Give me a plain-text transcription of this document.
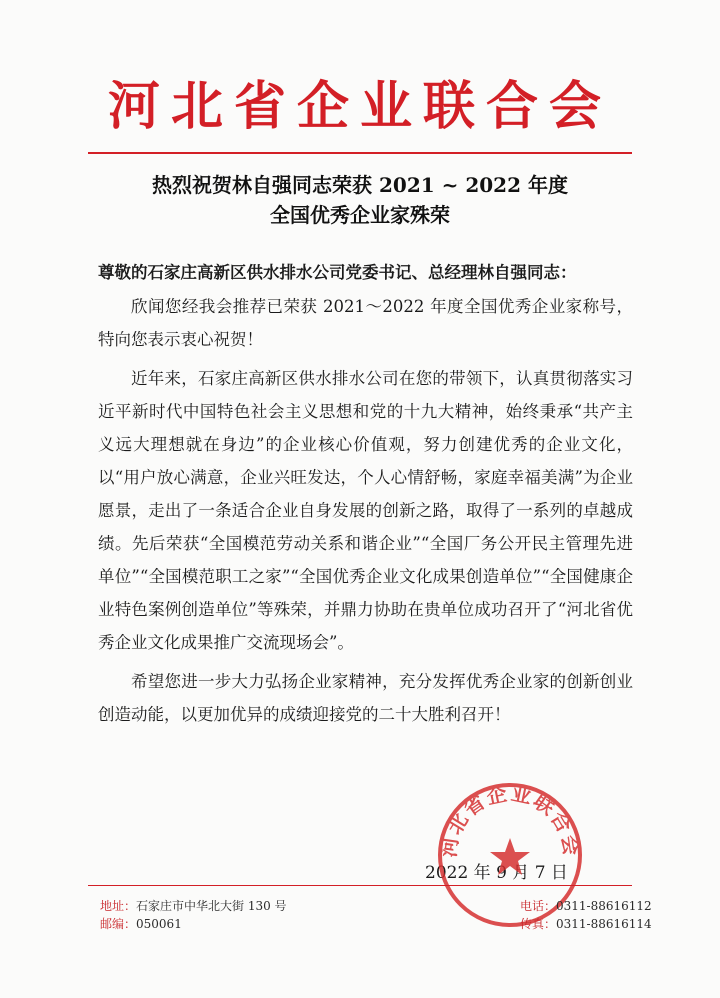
河北省企业联合会
热烈祝贺林自强同志荣获 2021 ~ 2022 年度
全国优秀企业家殊荣
尊敬的石家庄高新区供水排水公司党委书记、总经理林自强同志：

欣闻您经我会推荐已荣获 2021～2022 年度全国优秀企业家称号，特向您表示衷心祝贺！

近年来，石家庄高新区供水排水公司在您的带领下，认真贯彻落实习近平新时代中国特色社会主义思想和党的十九大精神，始终秉承“共产主义远大理想就在身边”的企业核心价值观，努力创建优秀的企业文化，以“用户放心满意，企业兴旺发达，个人心情舒畅，家庭幸福美满”为企业愿景，走出了一条适合企业自身发展的创新之路，取得了一系列的卓越成绩。先后荣获“全国模范劳动关系和谐企业”“全国厂务公开民主管理先进单位”“全国模范职工之家”“全国优秀企业文化成果创造单位”“全国健康企业特色案例创造单位”等殊荣，并鼎力协助在贵单位成功召开了“河北省优秀企业文化成果推广交流现场会”。

希望您进一步大力弘扬企业家精神，充分发挥优秀企业家的创新创业创造动能，以更加优异的成绩迎接党的二十大胜利召开！

2022 年 9 月 7 日
河北省企业联合会
地址：石家庄市中华北大街 130 号
邮编：050061
电话：0311-88616112
传真：0311-88616114
